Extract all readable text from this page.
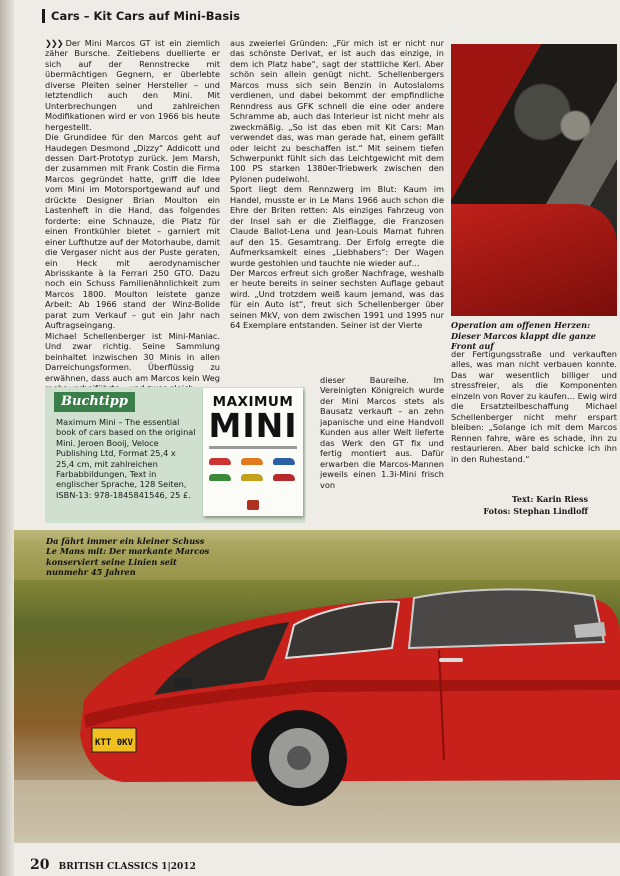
Cars – Kit Cars auf Mini-Basis

❯❯❯ Der Mini Marcos GT ist ein ziemlich zäher Bursche. Zeitlebens duellierte er sich auf der Rennstrecke mit übermächtigen Gegnern, er überlebte diverse Pleiten seiner Hersteller – und letztendlich auch den Mini. Mit Unterbrechungen und zahlreichen Modifikationen wird er von 1966 bis heute hergestellt.

Die Grundidee für den Marcos geht auf Haudegen Desmond „Dizzy“ Addicott und dessen Dart-Prototyp zurück. Jem Marsh, der zusammen mit Frank Costin die Firma Marcos gegründet hatte, griff die Idee vom Mini im Motorsportgewand auf und drückte Designer Brian Moulton ein Lastenheft in die Hand, das folgendes forderte: eine Schnauze, die Platz für einen Frontkühler bietet – garniert mit einer Lufthutze auf der Motorhaube, damit die Vergaser nicht aus der Puste geraten, ein Heck mit aerodynamischer Abrisskante à la Ferrari 250 GTO. Dazu noch ein Schuss Familienähnlichkeit zum Marcos 1800. Moulton leistete ganze Arbeit: Ab 1966 stand der Winz-Bolide parat zum Verkauf – gut ein Jahr nach Auftragseingang.

Michael Schellenberger ist Mini-Maniac. Und zwar richtig. Seine Sammlung beinhaltet inzwischen 30 Minis in allen Darreichungsformen. Überflüssig zu erwähnen, dass auch am Marcos kein Weg

aus zweierlei Gründen: „Für mich ist er nicht nur das schönste Derivat, er ist auch das einzige, in dem ich Platz habe“, sagt der stattliche Kerl. Aber schön sein allein genügt nicht. Schellenbergers Marcos muss sich sein Benzin in Autoslaloms verdienen, und dabei bekommt der empfindliche Renndress aus GFK schnell die eine oder andere Schramme ab, auch das Interieur ist nicht mehr als zweckmäßig. „So ist das eben mit Kit Cars: Man verwendet das, was man gerade hat, einem gefällt oder leicht zu beschaffen ist.“ Mit seinem tiefen Schwerpunkt fühlt sich das Leichtgewicht mit dem 100 PS starken 1380er-Triebwerk zwischen den Pylonen pudelwohl.

Sport liegt dem Rennzwerg im Blut: Kaum im Handel, musste er in Le Mans 1966 auch schon die Ehre der Briten retten: Als einziges Fahrzeug von der Insel sah er die Zielflagge, die Franzosen Claude Ballot-Lena und Jean-Louis Marnat fuhren auf den 15. Gesamtrang. Der Erfolg erregte die Aufmerksamkeit eines „Liebhabers“: Der Wagen wurde gestohlen und tauchte nie wieder auf…

Der Marcos erfreut sich großer Nachfrage, weshalb er heute bereits in seiner sechsten Auflage gebaut wird. „Und trotzdem weiß kaum jemand, was das für ein Auto ist“, freut sich Schellenberger über seinen MkV, von dem zwischen 1991 und 1995 nur 64 Exemplare entstanden. Seiner ist der Vierte

dieser Baureihe. Im Vereinigten Königreich wurde der Mini Marcos stets als Bausatz verkauft – an zehn japanische und eine Handvoll Kunden aus aller Welt lieferte das Werk den GT fix und fertig montiert aus. Dafür erwarben die Marcos-Mannen jeweils einen 1.3i-Mini frisch von
Operation am offenen Herzen: Dieser Marcos klappt die ganze Front auf
der Fertigungsstraße und verkauften alles, was man nicht verbauen konnte. Das war wesentlich billiger und stressfreier, als die Komponenten einzeln von Rover zu kaufen… Ewig wird die Ersatzteilbeschaffung Michael Schellenberger nicht mehr erspart bleiben: „Solange ich mit dem Marcos Rennen fahre, wäre es schade, ihn zu restaurieren. Aber bald schicke ich ihn in den Ruhestand.“
Text: Karin Riess
Fotos: Stephan Lindloff
Buchtipp
Maximum Mini – The essential book of cars based on the original Mini. Jeroen Booij, Veloce Publishing Ltd, Format 25,4 x 25,4 cm, mit zahlreichen Farbabbildungen, Text in englischer Sprache, 128 Seiten, ISBN-13: 978-1845841546, 25 £.
MAXIMUM
MINI
KTT 0KV
Da fährt immer ein kleiner Schuss Le Mans mit: Der markante Marcos konserviert seine Linien seit nunmehr 45 Jahren
20 BRITISH CLASSICS 1|2012
